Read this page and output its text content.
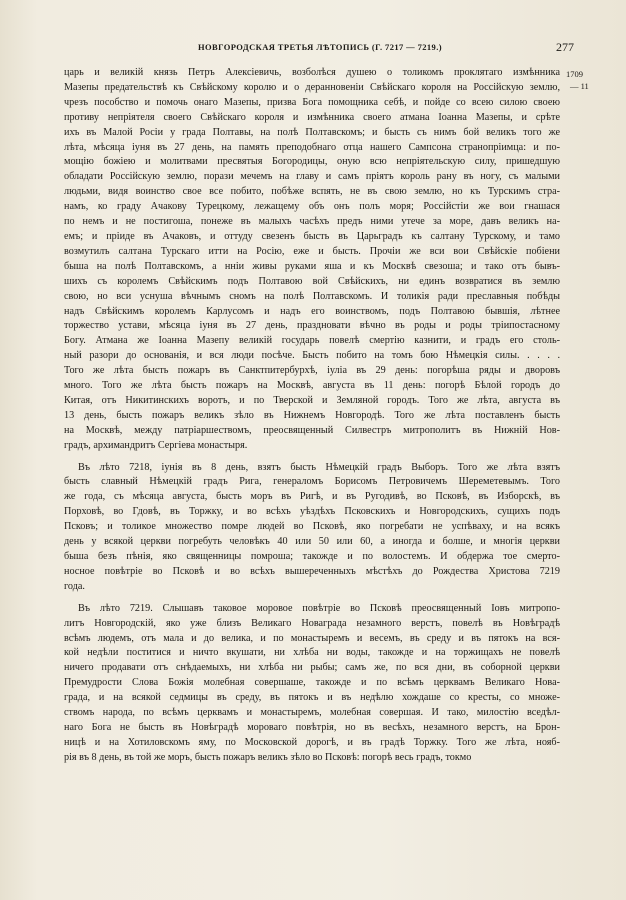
НОВГОРОДСКАЯ ТРЕТЬЯ ЛѢТОПИСЬ (Г. 7217 — 7219.)	277
1709
— 11
царь и великій князь Петръ Алексіевичь, возболѣся душею о толикомъ проклятаго измѣнника
Мазепы предательствѣ къ Свѣйскому королю и о деранновеніи Свѣйскаго короля на Россійскую землю,
чрезъ пособство и помочь онаго Мазепы, призва Бога помощника себѣ, и пойде со всею силою своею
противу непріятеля своего Свѣйскаго короля и измѣнника своего атмана Іоанна Мазепы, и срѣте
ихъ въ Малой Росіи у града Полтавы, на полѣ Полтавскомъ; и бысть съ нимъ бой великъ того же
лѣта, мѣсяца іуня въ 27 день, на память преподобнаго отца нашего Сампсона странопріимца: и по-
мощію божіею и молитвами пресвятыя Богородицы, оную всю непріятельскую силу, пришедшую
обладати Россійскую землю, порази мечемъ на главу и самъ пріятъ король рану въ ногу, съ малыми
людьми, видя воинство свое все побито, побѣже вспять, не въ свою землю, но къ Турскимъ стра-
намъ, ко граду Ачакову Турецкому, лежащему объ онъ полъ моря; Россійстіи же вои гнашася
по немъ и не постигоша, понеже въ малыхъ часѣхъ предъ ними утече за море, давъ великъ на-
емъ; и пріиде въ Ачаковъ, и оттуду свезенъ бысть въ Царьградъ къ салтану Турскому, и тамо
возмутилъ салтана Турскаго итти на Росію, еже и бысть. Прочіи же вси вои Свѣйскіе побіени
быша на полѣ Полтавскомъ, а нніи живы руками яша и къ Москвѣ свезоша; и тако отъ бывъ-
шихъ съ королемъ Свѣйскимъ подъ Полтавою вой Свѣйскихъ, ни единъ возвратися въ землю
свою, но вси уснуша вѣчнымъ сномъ на полѣ Полтавскомъ. И толикія ради преславныя побѣды
надъ Свѣйскимъ королемъ Карлусомъ и надъ его воинствомъ, подъ Полтавою бывшія, лѣтнее
торжество устави, мѣсяца іуня въ 27 день, праздновати вѣчно въ роды и роды тріипостасному
Богу. Атмана же Іоанна Мазепу великій государь повелѣ смертію казнити, и градъ его столь-
ный разори до основанія, и вся люди посѣче. Бысть побито на томъ бою Нѣмецкія силы. . . . .
Того же лѣта бысть пожаръ въ Санктпитербурхѣ, іуліа въ 29 день: погорѣша ряды и дворовъ
много. Того же лѣта бысть пожаръ на Москвѣ, августа въ 11 день: погорѣ Бѣлой городъ до
Китая, отъ Никитинскихъ воротъ, и по Тверской и Земляной городъ. Того же лѣта, августа въ
13 день, бысть пожаръ великъ зѣло въ Нижнемъ Новгородѣ. Того же лѣта поставленъ бысть
на Москвѣ, между патріаршествомъ, преосвященный Силвестръ митрополитъ въ Нижній Нов-
градъ, архимандритъ Сергіева монастыря.
Въ лѣто 7218, іунія въ 8 день, взятъ бысть Нѣмецкій градъ Выборъ. Того же лѣта взятъ
бысть славный Нѣмецкій градъ Рига, генераломъ Борисомъ Петровичемъ Шереметевымъ. Того
же года, съ мѣсяца августа, бысть моръ въ Ригѣ, и въ Ругодивѣ, во Псковѣ, въ Изборскѣ, въ
Порховѣ, во Гдовѣ, въ Торжку, и во всѣхъ уѣздѣхъ Псковскихъ и Новгородскихъ, сущихъ подъ
Псковъ; и толикое множество помре людей во Псковѣ, яко погребати не успѣваху, и на всякъ
день у всякой церкви погребуть человѣкъ 40 или 50 или 60, а иногда и болше, и многія церкви
быша безъ пѣнія, яко священницы помроша; такожде и по волостемъ. И обдержа тое смерто-
носное повѣтріе во Псковѣ и во всѣхъ вышереченныхъ мѣстѣхъ до Рождества Христова 7219
года.
Въ лѣто 7219. Слышавъ таковое моровое повѣтріе во Псковѣ преосвященный Іовъ митропо-
литъ Новгородскій, яко уже близъ Великаго Новаграда незамного верстъ, повелѣ въ Новѣградѣ
всѣмъ людемъ, отъ мала и до велика, и по монастыремъ и весемъ, въ среду и въ пятокъ на вся-
кой недѣли поститися и ничто вкушати, ни хлѣба ни воды, такожде и на торжищахъ не повелѣ
ничего продавати отъ снѣдаемыхъ, ни хлѣба ни рыбы; самъ же, по вся дни, въ соборной церкви
Премудрости Слова Божія молебная совершаше, такожде и по всѣмъ церквамъ Великаго Нова-
града, и на всякой седмицы въ среду, въ пятокъ и въ недѣлю хождаше со кресты, со множе-
ствомъ народа, по всѣмъ церквамъ и монастыремъ, молебная совершая. И тако, милостію вседѣл-
наго Бога не бысть въ Новѣградѣ мороваго повѣтрія, но въ весѣхъ, незамного верстъ, на Брон-
ницѣ и на Хотиловскомъ яму, по Московской дорогѣ, и въ градѣ Торжку. Того же лѣта, нояб-
рія въ 8 день, въ той же моръ, бысть пожаръ великъ зѣло во Псковѣ: погорѣ весь градъ, токмо
